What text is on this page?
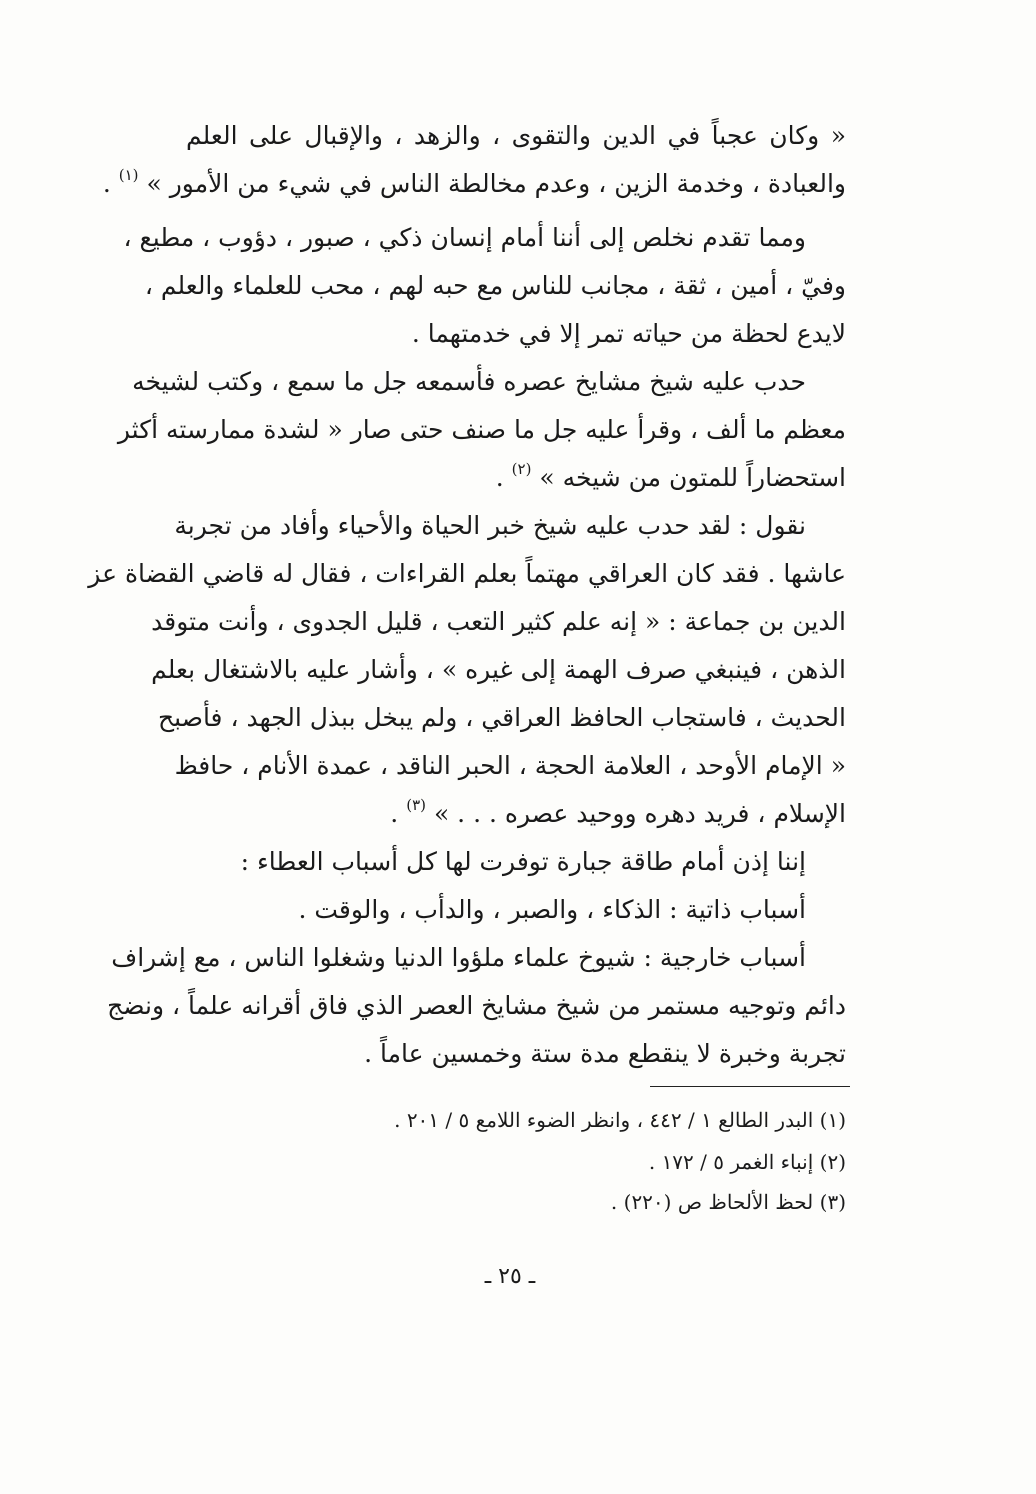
« وكان عجباً في الدين والتقوى ، والزهد ، والإقبال على العلم
والعبادة ، وخدمة الزين ، وعدم مخالطة الناس في شيء من الأمور » $^{(١)}$ .
ومما تقدم نخلص إلى أننا أمام إنسان ذكي ، صبور ، دؤوب ، مطيع ،
وفيّ ، أمين ، ثقة ، مجانب للناس مع حبه لهم ، محب للعلماء والعلم ،
لايدع لحظة من حياته تمر إلا في خدمتهما .
حدب عليه شيخ مشايخ عصره فأسمعه جل ما سمع ، وكتب لشيخه
معظم ما ألف ، وقرأ عليه جل ما صنف حتى صار « لشدة ممارسته أكثر
استحضاراً للمتون من شيخه » $^{(٢)}$ .
نقول : لقد حدب عليه شيخ خبر الحياة والأحياء وأفاد من تجربة
عاشها . فقد كان العراقي مهتماً بعلم القراءات ، فقال له قاضي القضاة عز
الدين بن جماعة : « إنه علم كثير التعب ، قليل الجدوى ، وأنت متوقد
الذهن ، فينبغي صرف الهمة إلى غيره » ، وأشار عليه بالاشتغال بعلم
الحديث ، فاستجاب الحافظ العراقي ، ولم يبخل ببذل الجهد ، فأصبح
« الإمام الأوحد ، العلامة الحجة ، الحبر الناقد ، عمدة الأنام ، حافظ
الإسلام ، فريد دهره ووحيد عصره . . . » $^{(٣)}$ .
إننا إذن أمام طاقة جبارة توفرت لها كل أسباب العطاء :
أسباب ذاتية : الذكاء ، والصبر ، والدأب ، والوقت .
أسباب خارجية : شيوخ علماء ملؤوا الدنيا وشغلوا الناس ، مع إشراف
دائم وتوجيه مستمر من شيخ مشايخ العصر الذي فاق أقرانه علماً ، ونضج
تجربة وخبرة لا ينقطع مدة ستة وخمسين عاماً .
(١) البدر الطالع ١ / ٤٤٢ ، وانظر الضوء اللامع ٥ / ٢٠١ .
(٢) إنباء الغمر ٥ / ١٧٢ .
(٣) لحظ الألحاظ ص (٢٢٠) .
ـ ٢٥ ـ
